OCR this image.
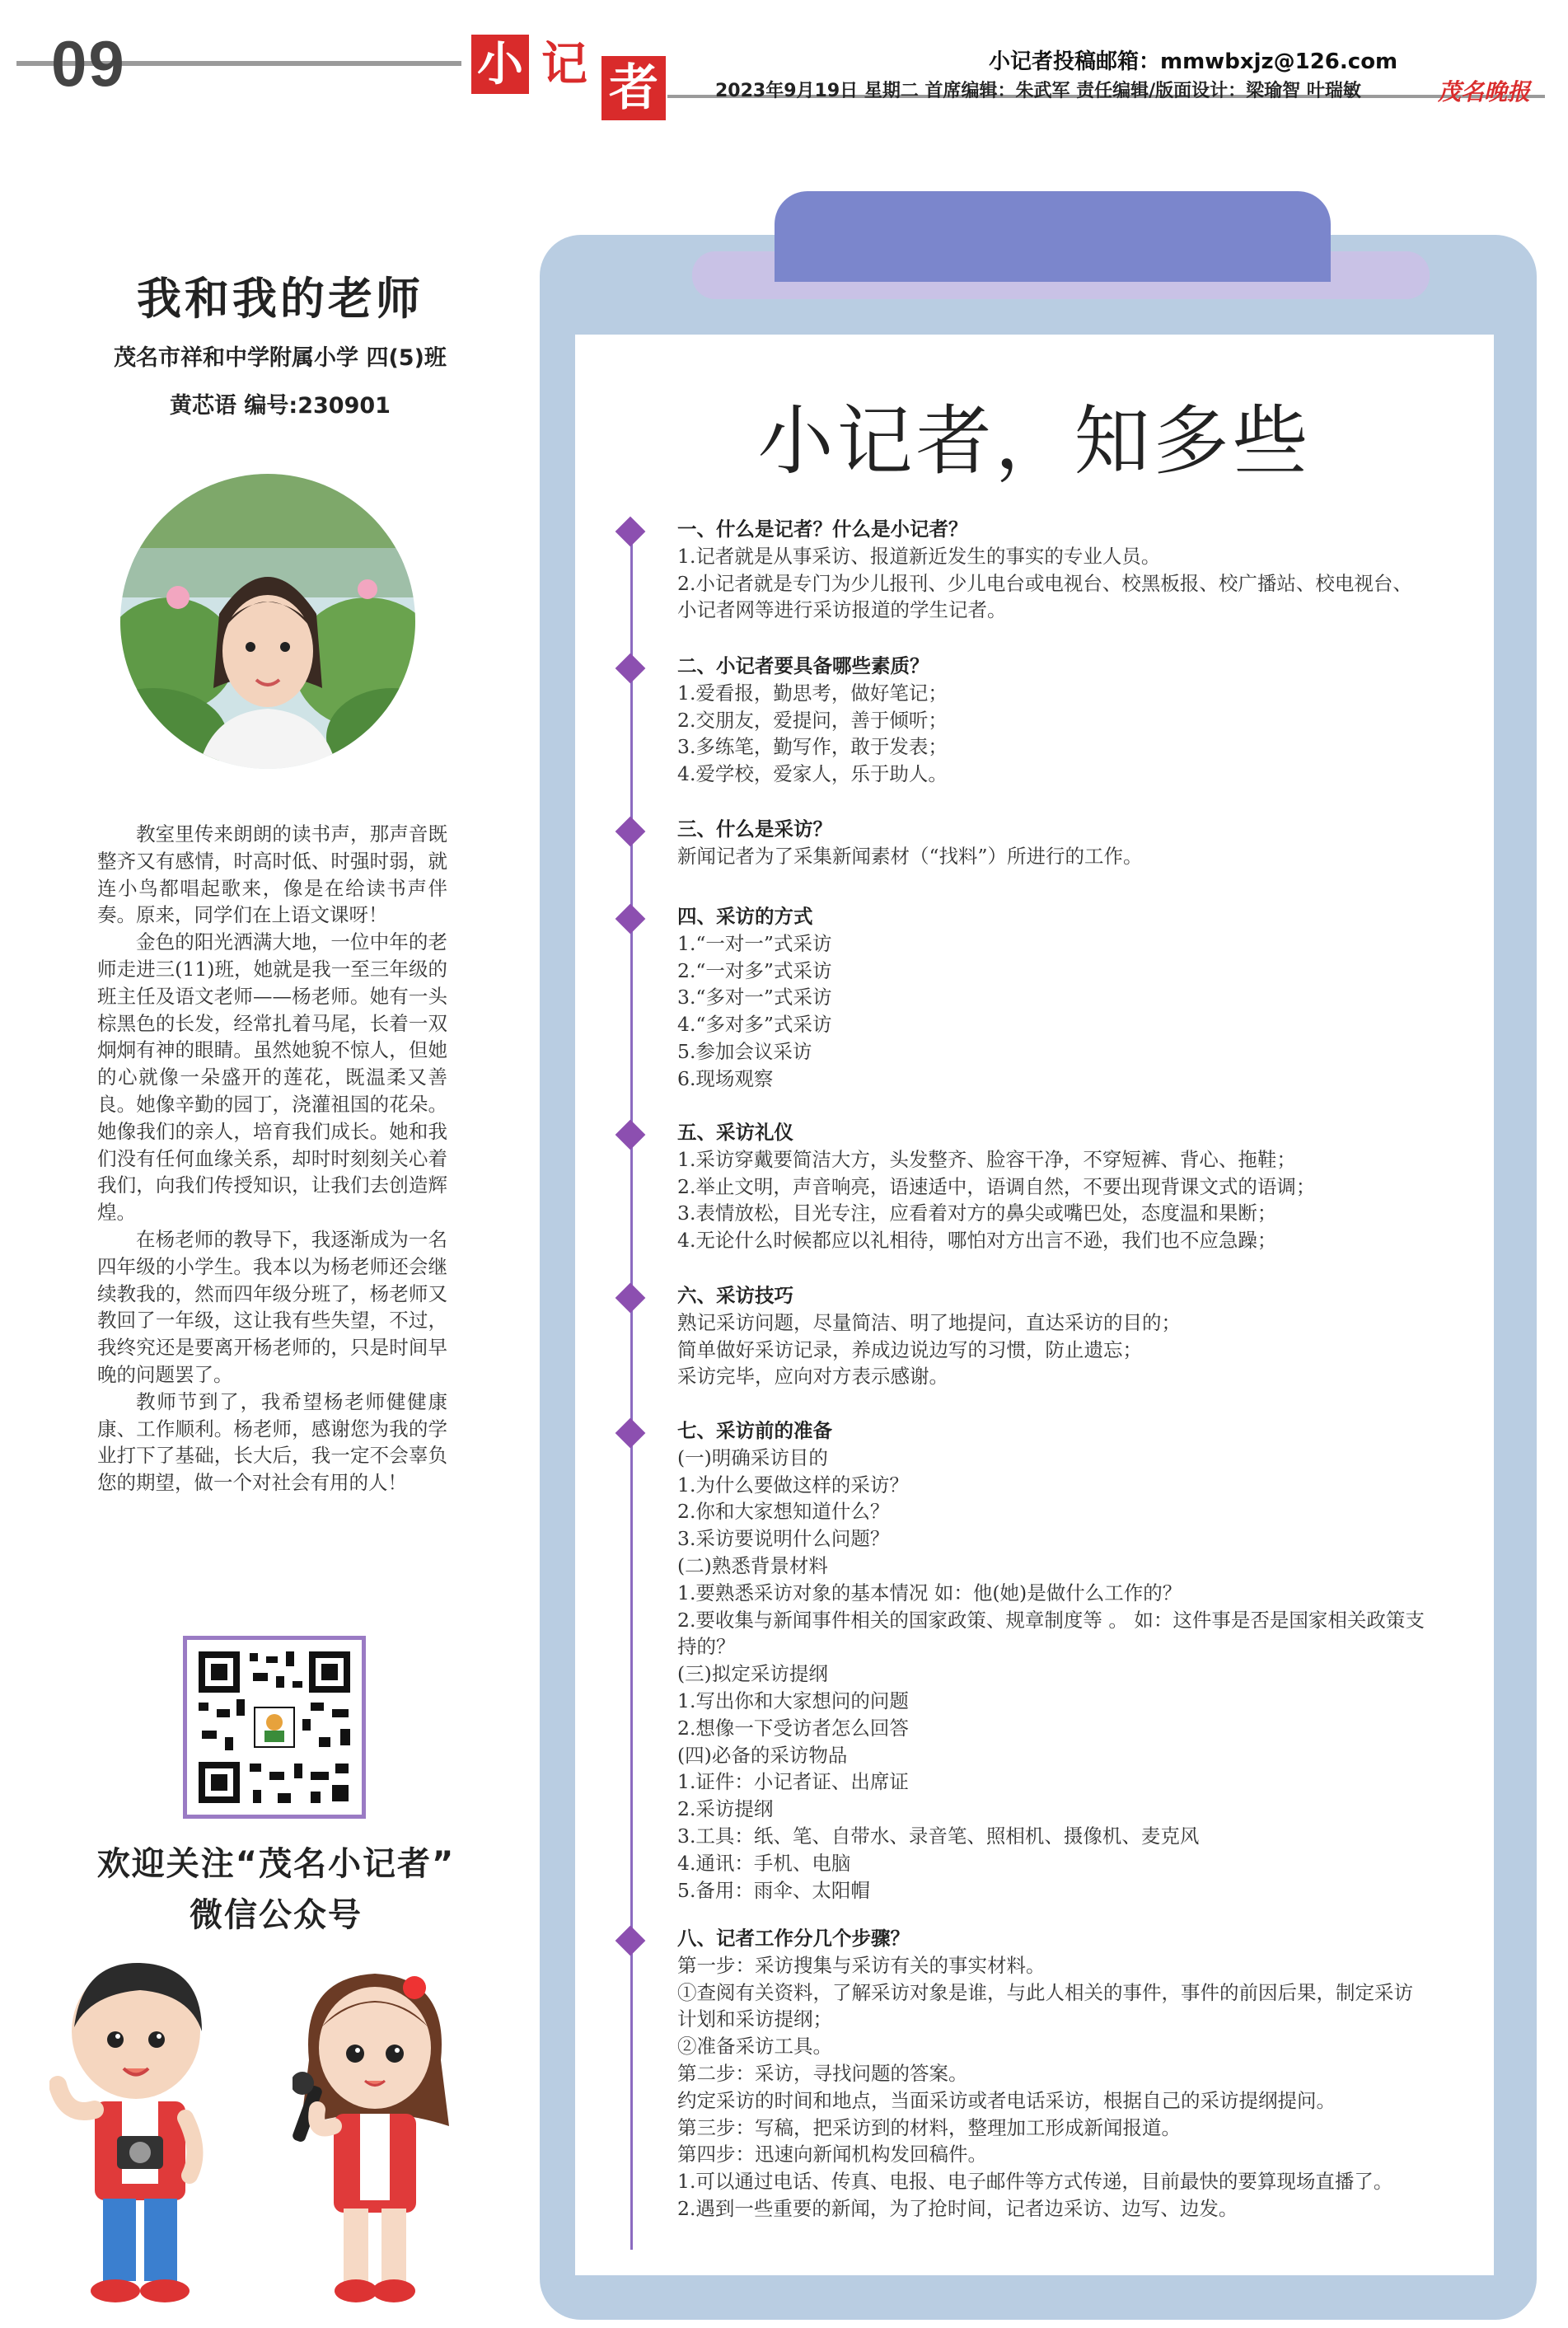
09	小 记 者	小记者投稿邮箱：mmwbxjz@126.com
2023年9月19日 星期二 首席编辑：朱武军 责任编辑/版面设计：梁瑜智 叶瑞敏	茂名晚报
我和我的老师
茂名市祥和中学附属小学 四(5)班
黄芯语 编号:230901

教室里传来朗朗的读书声，那声音既整齐又有感情，时高时低、时强时弱，就连小鸟都唱起歌来，像是在给读书声伴奏。原来，同学们在上语文课呀！

金色的阳光洒满大地，一位中年的老师走进三(11)班，她就是我一至三年级的班主任及语文老师——杨老师。她有一头棕黑色的长发，经常扎着马尾，长着一双炯炯有神的眼睛。虽然她貌不惊人，但她的心就像一朵盛开的莲花，既温柔又善良。她像辛勤的园丁，浇灌祖国的花朵。她像我们的亲人，培育我们成长。她和我们没有任何血缘关系，却时时刻刻关心着我们，向我们传授知识，让我们去创造辉煌。

在杨老师的教导下，我逐渐成为一名四年级的小学生。我本以为杨老师还会继续教我的，然而四年级分班了，杨老师又教回了一年级，这让我有些失望，不过，我终究还是要离开杨老师的，只是时间早晚的问题罢了。

教师节到了，我希望杨老师健健康康、工作顺利。杨老师，感谢您为我的学业打下了基础，长大后，我一定不会辜负您的期望，做一个对社会有用的人！

欢迎关注“茂名小记者”
微信公众号
小记者，知多些
一、什么是记者？什么是小记者？
1.记者就是从事采访、报道新近发生的事实的专业人员。
2.小记者就是专门为少儿报刊、少儿电台或电视台、校黑板报、校广播站、校电视台、小记者网等进行采访报道的学生记者。
二、小记者要具备哪些素质？
1.爱看报，勤思考，做好笔记；
2.交朋友，爱提问，善于倾听；
3.多练笔，勤写作，敢于发表；
4.爱学校，爱家人，乐于助人。
三、什么是采访？
新闻记者为了采集新闻素材（“找料”）所进行的工作。
四、采访的方式
1.“一对一”式采访
2.“一对多”式采访
3.“多对一”式采访
4.“多对多”式采访
5.参加会议采访
6.现场观察
五、采访礼仪
1.采访穿戴要简洁大方，头发整齐、脸容干净，不穿短裤、背心、拖鞋；
2.举止文明，声音响亮，语速适中，语调自然，不要出现背课文式的语调；
3.表情放松，目光专注，应看着对方的鼻尖或嘴巴处，态度温和果断；
4.无论什么时候都应以礼相待，哪怕对方出言不逊，我们也不应急躁；
六、采访技巧
熟记采访问题，尽量简洁、明了地提问，直达采访的目的；
简单做好采访记录，养成边说边写的习惯，防止遗忘；
采访完毕，应向对方表示感谢。
七、采访前的准备
(一)明确采访目的
1.为什么要做这样的采访？
2.你和大家想知道什么？
3.采访要说明什么问题？
(二)熟悉背景材料
1.要熟悉采访对象的基本情况 如：他(她)是做什么工作的？
2.要收集与新闻事件相关的国家政策、规章制度等 。 如：这件事是否是国家相关政策支持的？
(三)拟定采访提纲
1.写出你和大家想问的问题
2.想像一下受访者怎么回答
(四)必备的采访物品
1.证件：小记者证、出席证
2.采访提纲
3.工具：纸、笔、自带水、录音笔、照相机、摄像机、麦克风
4.通讯：手机、电脑
5.备用：雨伞、太阳帽
八、记者工作分几个步骤？
第一步：采访搜集与采访有关的事实材料。
①查阅有关资料，了解采访对象是谁，与此人相关的事件，事件的前因后果，制定采访计划和采访提纲；
②准备采访工具。
第二步：采访，寻找问题的答案。
约定采访的时间和地点，当面采访或者电话采访，根据自己的采访提纲提问。
第三步：写稿，把采访到的材料，整理加工形成新闻报道。
第四步：迅速向新闻机构发回稿件。
1.可以通过电话、传真、电报、电子邮件等方式传递，目前最快的要算现场直播了。
2.遇到一些重要的新闻，为了抢时间，记者边采访、边写、边发。
